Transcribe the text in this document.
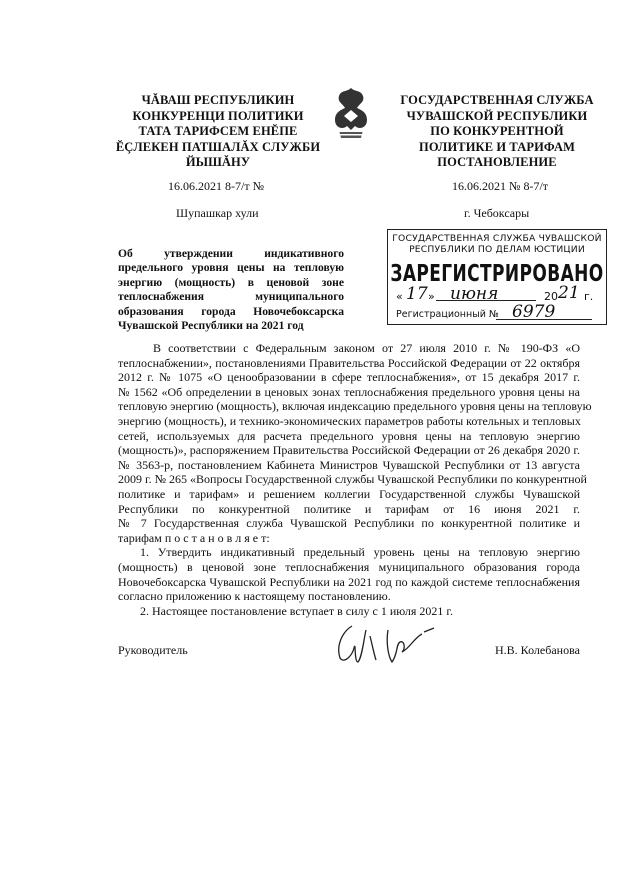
ЧĂВАШ РЕСПУБЛИКИН
КОНКУРЕНЦИ ПОЛИТИКИ
ТАТА ТАРИФСЕМ ЕНĔПЕ
ĔÇЛЕКЕН ПАТШАЛĂХ СЛУЖБИ
ЙЫШĂНУ
16.06.2021 8-7/т №
Шупашкар хули
ГОСУДАРСТВЕННАЯ СЛУЖБА
ЧУВАШСКОЙ РЕСПУБЛИКИ
ПО КОНКУРЕНТНОЙ
ПОЛИТИКЕ И ТАРИФАМ
ПОСТАНОВЛЕНИЕ
16.06.2021 № 8-7/т
г. Чебоксары
Об утверждении индикативного
предельного уровня цены на тепловую
энергию (мощность) в ценовой зоне
теплоснабжения муниципального
образования города Новочебоксарска
Чувашской Республики на 2021 год
ГОСУДАРСТВЕННАЯ СЛУЖБА ЧУВАШСКОЙ
РЕСПУБЛИКИ ПО ДЕЛАМ ЮСТИЦИИ
ЗАРЕГИСТРИРОВАНО
« 17 » июня	20 21 г.
Регистрационный № 6979
В соответствии с Федеральным законом от 27 июля 2010 г. № 190-ФЗ «О
теплоснабжении», постановлениями Правительства Российской Федерации от 22 октября
2012 г. № 1075 «О ценообразовании в сфере теплоснабжения», от 15 декабря 2017 г.
№ 1562 «Об определении в ценовых зонах теплоснабжения предельного уровня цены на
тепловую энергию (мощность), включая индексацию предельного уровня цены на тепловую
энергию (мощность), и технико-экономических параметров работы котельных и тепловых
сетей, используемых для расчета предельного уровня цены на тепловую энергию
(мощность)», распоряжением Правительства Российской Федерации от 26 декабря 2020 г.
№ 3563-р, постановлением Кабинета Министров Чувашской Республики от 13 августа
2009 г. № 265 «Вопросы Государственной службы Чувашской Республики по конкурентной
политике и тарифам» и решением коллегии Государственной службы Чувашской
Республики по конкурентной политике и тарифам от 16 июня 2021 г.
№ 7 Государственная служба Чувашской Республики по конкурентной политике и
тарифам п о с т а н о в л я е т:
1. Утвердить индикативный предельный уровень цены на тепловую энергию
(мощность) в ценовой зоне теплоснабжения муниципального образования города
Новочебоксарска Чувашской Республики на 2021 год по каждой системе теплоснабжения
согласно приложению к настоящему постановлению.
2. Настоящее постановление вступает в силу с 1 июля 2021 г.
Руководитель	Н.В. Колебанова
